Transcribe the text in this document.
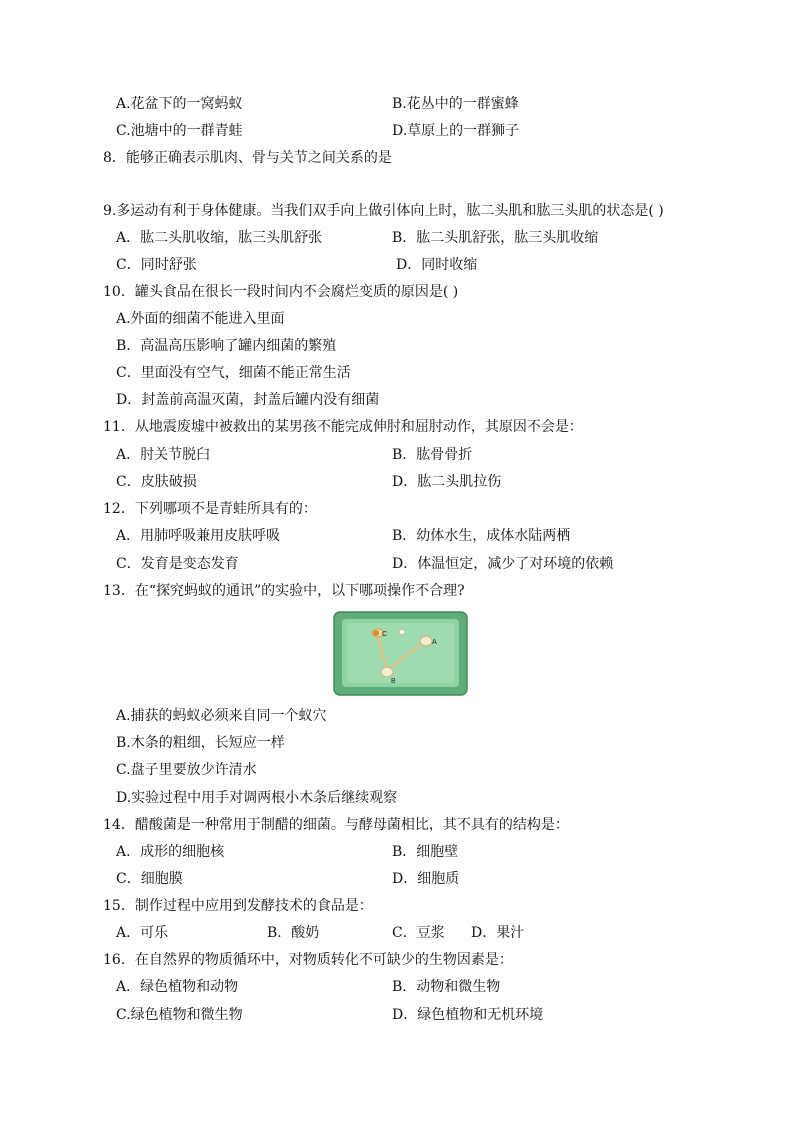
A.花盆下的一窝蚂蚁	B.花丛中的一群蜜蜂
C.池塘中的一群青蛙	D.草原上的一群狮子
8．能够正确表示肌肉、骨与关节之间关系的是
9.多运动有利于身体健康。当我们双手向上做引体向上时，肱二头肌和肱三头肌的状态是( )
A．肱二头肌收缩，肱三头肌舒张	B．肱二头肌舒张，肱三头肌收缩
C．同时舒张	D．同时收缩
10．罐头食品在很长一段时间内不会腐烂变质的原因是( )
A.外面的细菌不能进入里面
B．高温高压影响了罐内细菌的繁殖
C．里面没有空气，细菌不能正常生活
D．封盖前高温灭菌，封盖后罐内没有细菌
11．从地震废墟中被救出的某男孩不能完成伸肘和屈肘动作，其原因不会是：
A．肘关节脱臼	B．肱骨骨折
C．皮肤破损	D．肱二头肌拉伤
12．下列哪项不是青蛙所具有的：
A．用肺呼吸兼用皮肤呼吸	B．幼体水生，成体水陆两栖
C．发育是变态发育	D．体温恒定，减少了对环境的依赖
13．在“探究蚂蚁的通讯”的实验中，以下哪项操作不合理?
C
A
B
A.捕获的蚂蚁必须来自同一个蚁穴
B.木条的粗细，长短应一样
C.盘子里要放少许清水
D.实验过程中用手对调两根小木条后继续观察
14．醋酸菌是一种常用于制醋的细菌。与酵母菌相比，其不具有的结构是：
A．成形的细胞核	B．细胞壁
C．细胞膜	D．细胞质
15．制作过程中应用到发酵技术的食品是：
A．可乐	B．酸奶	C．豆浆 D．果汁
16．在自然界的物质循环中，对物质转化不可缺少的生物因素是：
A．绿色植物和动物	B．动物和微生物
C.绿色植物和微生物	D．绿色植物和无机环境
